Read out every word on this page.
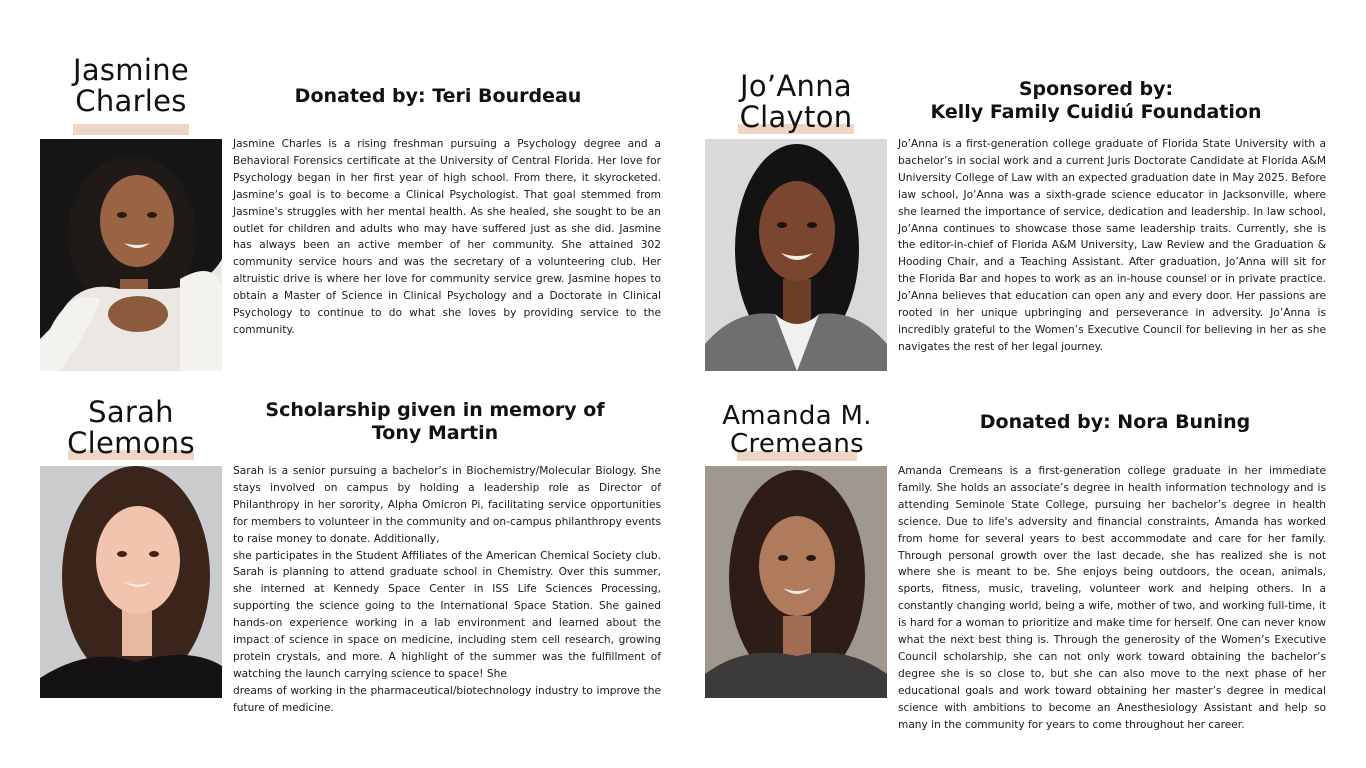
Jasmine
Charles	Donated by: Teri Bourdeau

Jasmine Charles is a rising freshman pursuing a Psychology degree and a Behavioral Forensics certificate at the University of Central Florida. Her love for Psychology began in her first year of high school. From there, it skyrocketed. Jasmine’s goal is to become a Clinical Psychologist. That goal stemmed from Jasmine's struggles with her mental health. As she healed, she sought to be an outlet for children and adults who may have suffered just as she did. Jasmine has always been an active member of her community. She attained 302 community service hours and was the secretary of a volunteering club. Her altruistic drive is where her love for community service grew. Jasmine hopes to obtain a Master of Science in Clinical Psychology and a Doctorate in Clinical Psychology to continue to do what she loves by providing service to the community.

Jo’Anna
Clayton
Sponsored by:
Kelly Family Cuidiú Foundation

Jo’Anna is a first-generation college graduate of Florida State University with a bachelor’s in social work and a current Juris Doctorate Candidate at Florida A&M University College of Law with an expected graduation date in May 2025. Before law school, Jo’Anna was a sixth-grade science educator in Jacksonville, where she learned the importance of service, dedication and leadership. In law school, Jo’Anna continues to showcase those same leadership traits. Currently, she is the editor-in-chief of Florida A&M University, Law Review and the Graduation & Hooding Chair, and a Teaching Assistant. After graduation, Jo’Anna will sit for the Florida Bar and hopes to work as an in-house counsel or in private practice. Jo’Anna believes that education can open any and every door. Her passions are rooted in her unique upbringing and perseverance in adversity. Jo’Anna is incredibly grateful to the Women’s Executive Council for believing in her as she navigates the rest of her legal journey.

Sarah
Clemons
Scholarship given in memory of
Tony Martin

Sarah is a senior pursuing a bachelor’s in Biochemistry/Molecular Biology. She stays involved on campus by holding a leadership role as Director of Philanthropy in her sorority, Alpha Omicron Pi, facilitating service opportunities for members to volunteer in the community and on-campus philanthropy events to raise money to donate. Additionally,

she participates in the Student Affiliates of the American Chemical Society club. Sarah is planning to attend graduate school in Chemistry. Over this summer, she interned at Kennedy Space Center in ISS Life Sciences Processing, supporting the science going to the International Space Station. She gained hands-on experience working in a lab environment and learned about the impact of science in space on medicine, including stem cell research, growing protein crystals, and more. A highlight of the summer was the fulfillment of watching the launch carrying science to space! She

dreams of working in the pharmaceutical/biotechnology industry to improve the future of medicine.

Amanda M.
Cremeans
Donated by: Nora Buning

Amanda Cremeans is a first-generation college graduate in her immediate family. She holds an associate’s degree in health information technology and is attending Seminole State College, pursuing her bachelor’s degree in health science. Due to life's adversity and financial constraints, Amanda has worked from home for several years to best accommodate and care for her family. Through personal growth over the last decade, she has realized she is not where she is meant to be. She enjoys being outdoors, the ocean, animals, sports, fitness, music, traveling, volunteer work and helping others. In a constantly changing world, being a wife, mother of two, and working full-time, it is hard for a woman to prioritize and make time for herself. One can never know what the next best thing is. Through the generosity of the Women’s Executive Council scholarship, she can not only work toward obtaining the bachelor’s degree she is so close to, but she can also move to the next phase of her educational goals and work toward obtaining her master’s degree in medical science with ambitions to become an Anesthesiology Assistant and help so many in the community for years to come throughout her career.
